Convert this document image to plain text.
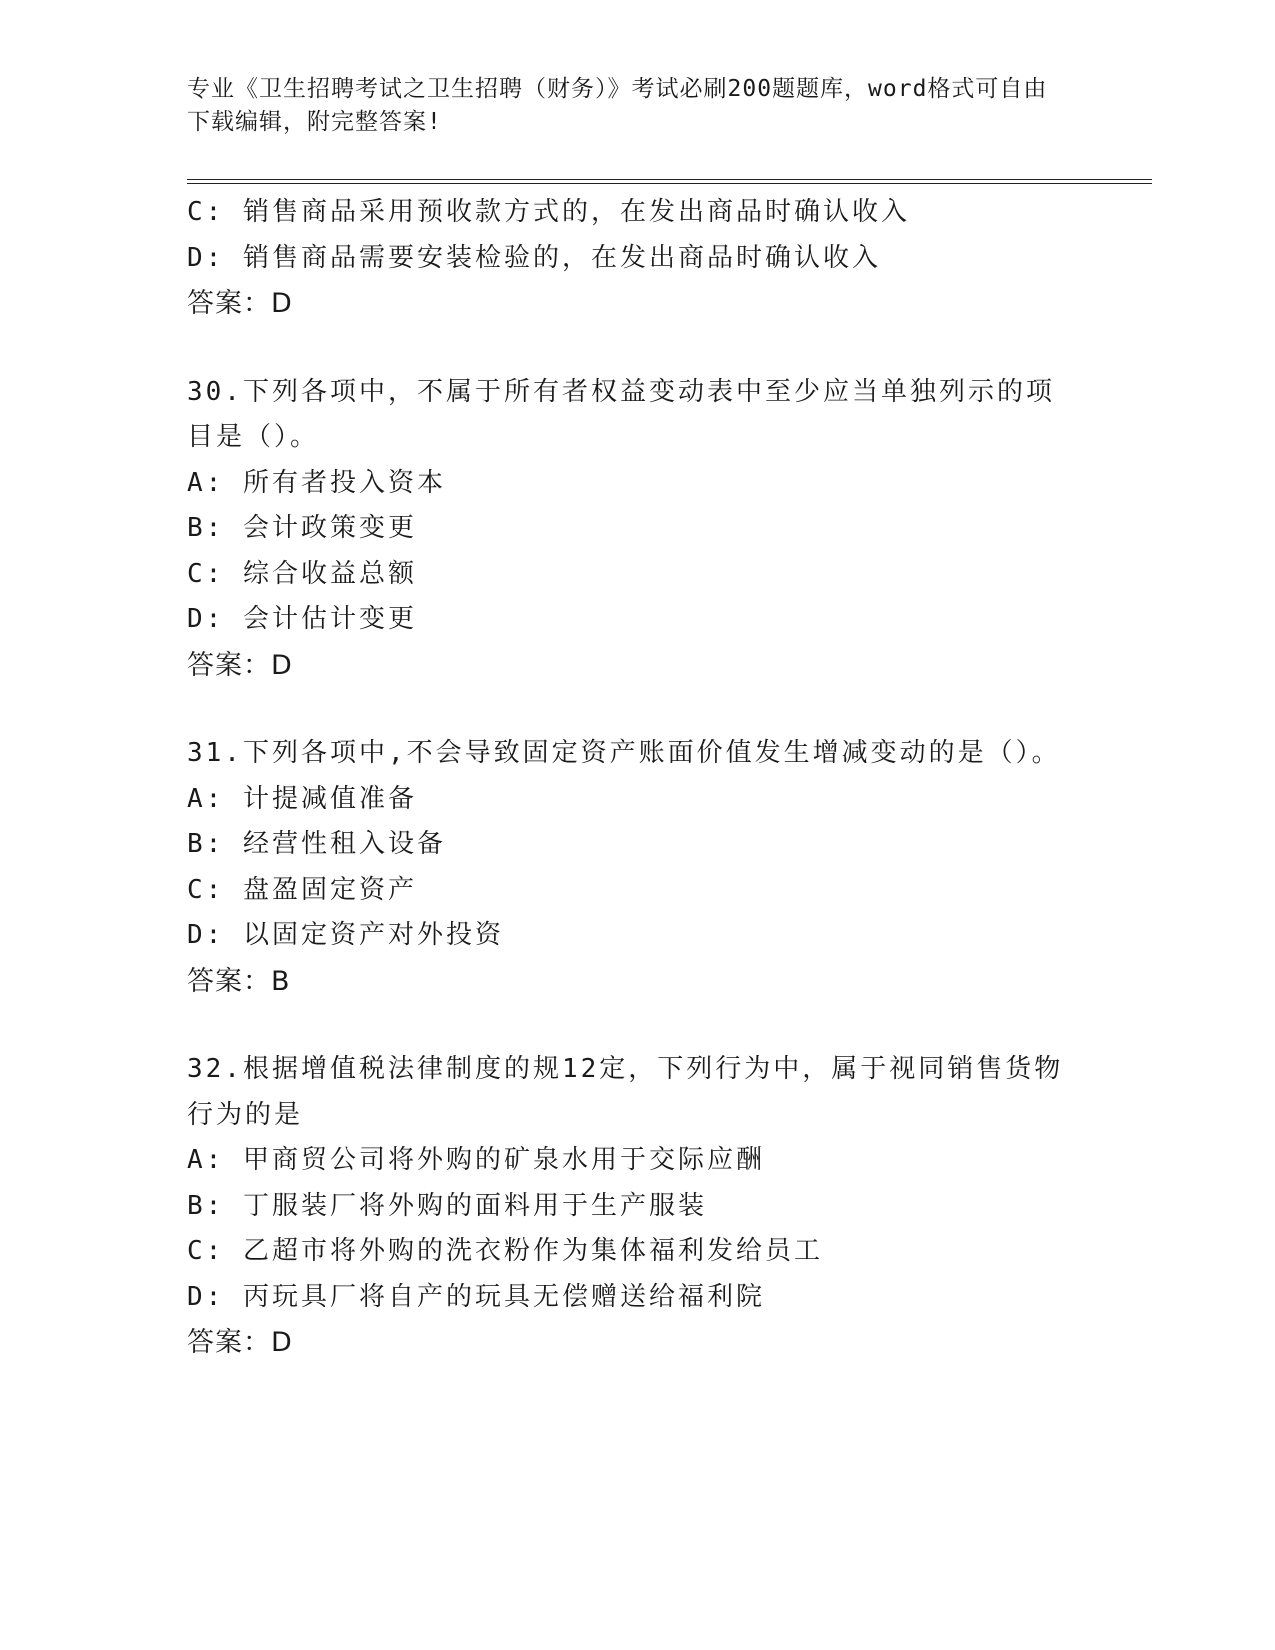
专业《卫生招聘考试之卫生招聘（财务）》考试必刷200题题库，word格式可自由下载编辑，附完整答案!
C: 销售商品采用预收款方式的，在发出商品时确认收入
D: 销售商品需要安装检验的，在发出商品时确认收入
答案：D
30.下列各项中，不属于所有者权益变动表中至少应当单独列示的项目是（）。
A: 所有者投入资本
B: 会计政策变更
C: 综合收益总额
D: 会计估计变更
答案：D
31.下列各项中,不会导致固定资产账面价值发生增减变动的是（）。
A: 计提减值准备
B: 经营性租入设备
C: 盘盈固定资产
D: 以固定资产对外投资
答案：B
32.根据增值税法律制度的规12定，下列行为中，属于视同销售货物行为的是
A: 甲商贸公司将外购的矿泉水用于交际应酬
B: 丁服装厂将外购的面料用于生产服装
C: 乙超市将外购的洗衣粉作为集体福利发给员工
D: 丙玩具厂将自产的玩具无偿赠送给福利院
答案：D
